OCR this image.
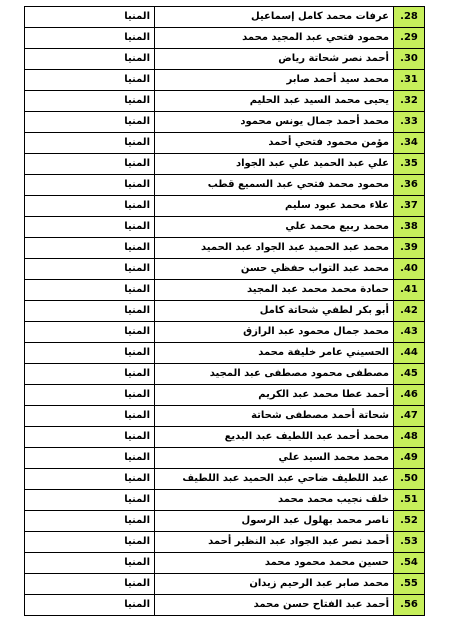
.28	عرفات محمد كامل إسماعيل	المنيا
.29	محمود فتحي عبد المجيد محمد	المنيا
.30	أحمد نصر شحاتة رياض	المنيا
.31	محمد سيد أحمد صابر	المنيا
.32	يحيى محمد السيد عبد الحليم	المنيا
.33	محمد أحمد جمال يونس محمود	المنيا
.34	مؤمن محمود فتحي أحمد	المنيا
.35	علي عبد الحميد علي عبد الجواد	المنيا
.36	محمود محمد فتحي عبد السميع قطب	المنيا
.37	علاء محمد عبود سليم	المنيا
.38	محمد ربيع محمد علي	المنيا
.39	محمد عبد الحميد عبد الجواد عبد الحميد	المنيا
.40	محمد عبد التواب حفظي حسن	المنيا
.41	حمادة محمد محمد عبد المجيد	المنيا
.42	أبو بكر لطفي شحاتة كامل	المنيا
.43	محمد جمال محمود عبد الرازق	المنيا
.44	الحسيني عامر خليفة محمد	المنيا
.45	مصطفى محمود مصطفى عبد المجيد	المنيا
.46	أحمد عطا محمد عبد الكريم	المنيا
.47	شحاتة أحمد مصطفى شحاتة	المنيا
.48	محمد أحمد عبد اللطيف عبد البديع	المنيا
.49	محمد محمد السيد علي	المنيا
.50	عبد اللطيف ضاحي عبد الحميد عبد اللطيف	المنيا
.51	خلف نجيب محمد محمد	المنيا
.52	ناصر محمد بهلول عبد الرسول	المنيا
.53	أحمد نصر عبد الجواد عبد النظير أحمد	المنيا
.54	حسين محمد محمود محمد	المنيا
.55	محمد صابر عبد الرحيم زيدان	المنيا
.56	أحمد عبد الفتاح حسن محمد	المنيا
